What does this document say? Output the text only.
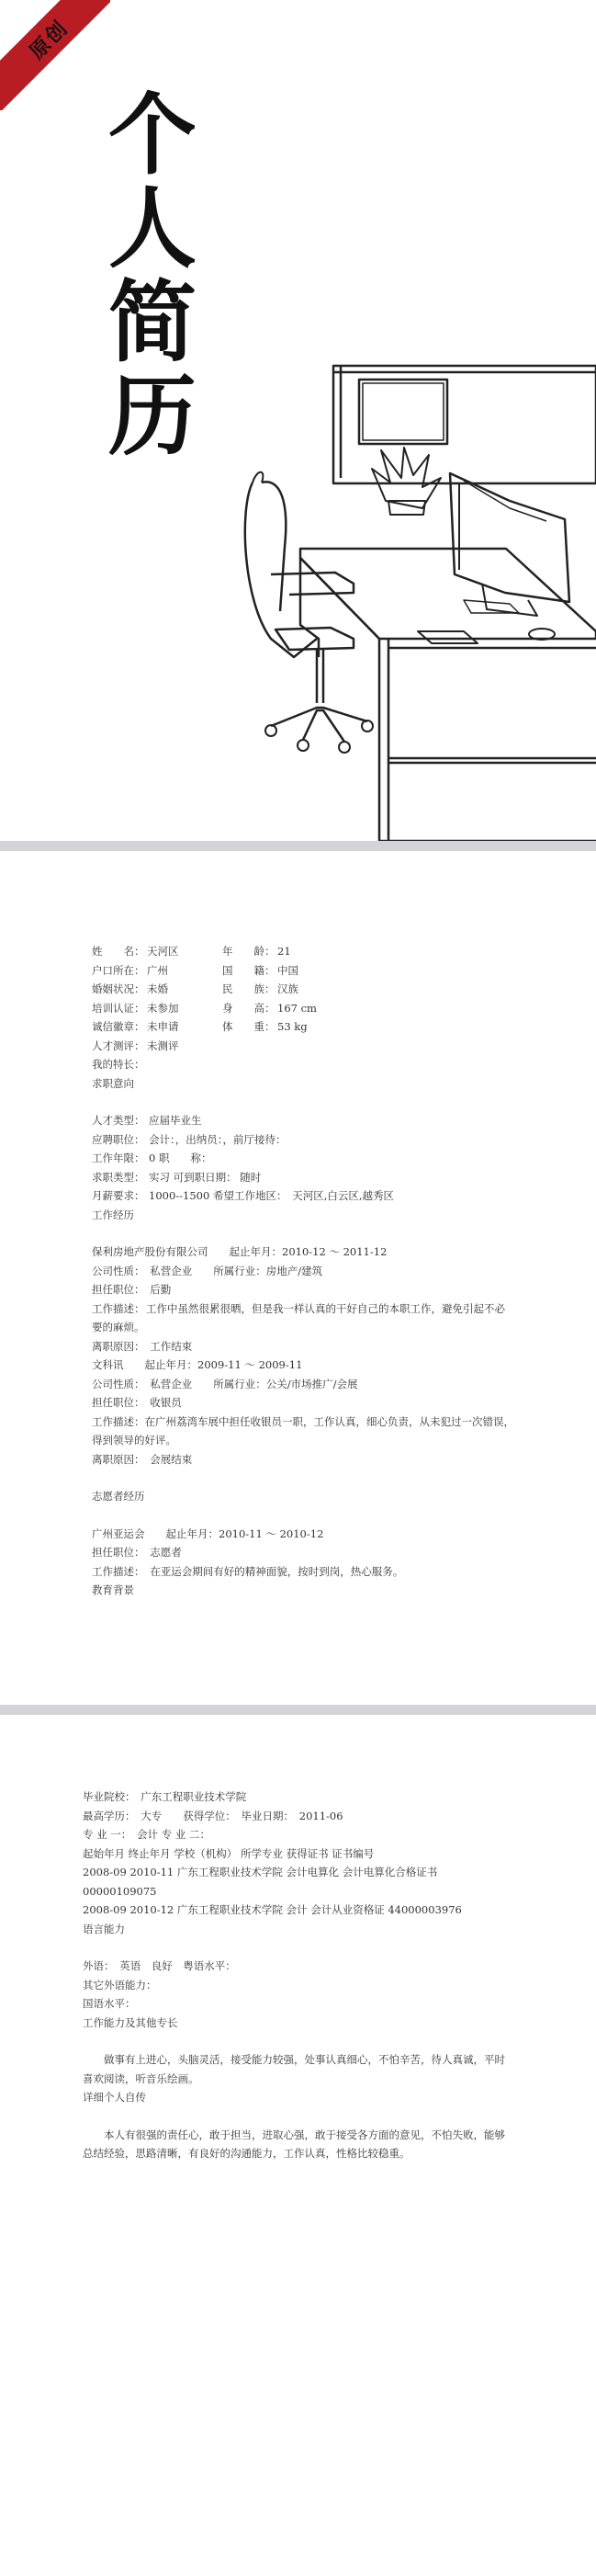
原创
个
人
简
历
姓　　名： 天河区	年　　龄： 21
户口所在： 广州	国　　籍： 中国
婚姻状况： 未婚	民　　族： 汉族
培训认证： 未参加	身　　高： 167 cm
诚信徽章： 未申请	体　　重： 53 kg
人才测评： 未测评
我的特长：
求职意向
人才类型： 应届毕业生
应聘职位： 会计：，出纳员：，前厅接待：
工作年限： 0 职　　称：
求职类型： 实习 可到职日期： 随时
月薪要求： 1000--1500 希望工作地区：　天河区,白云区,越秀区
工作经历
保利房地产股份有限公司　　起止年月：2010-12 ～ 2011-12
公司性质：　私营企业　　所属行业：房地产/建筑
担任职位：　后勤
工作描述： 工作中虽然很累很晒，但是我一样认真的干好自己的本职工作，避免引起不必
要的麻烦。
离职原因：　工作结束
文科讯　　起止年月：2009-11 ～ 2009-11
公司性质：　私营企业　　所属行业：公关/市场推广/会展
担任职位：　收银员
工作描述： 在广州荔湾车展中担任收银员一职，工作认真，细心负责，从未犯过一次错误，
得到领导的好评。
离职原因：　会展结束
志愿者经历
广州亚运会　　起止年月：2010-11 ～ 2010-12
担任职位：　志愿者
工作描述：　在亚运会期间有好的精神面貌，按时到岗，热心服务。
教育背景
毕业院校：　广东工程职业技术学院
最高学历：　大专　　获得学位：　毕业日期：　2011-06
专 业 一：　会计 专 业 二：
起始年月 终止年月 学校（机构） 所学专业 获得证书 证书编号
2008-09 2010-11 广东工程职业技术学院 会计电算化 会计电算化合格证书
00000109075
2008-09 2010-12 广东工程职业技术学院 会计 会计从业资格证 44000003976
语言能力
外语：　英语　良好　粤语水平：
其它外语能力：
国语水平：
工作能力及其他专长
　　做事有上进心，头脑灵活，接受能力较强，处事认真细心，不怕辛苦，待人真诚，平时喜欢阅读，听音乐绘画。
详细个人自传
　　本人有很强的责任心，敢于担当，进取心强，敢于接受各方面的意见，不怕失败，能够总结经验，思路清晰，有良好的沟通能力，工作认真，性格比较稳重。
